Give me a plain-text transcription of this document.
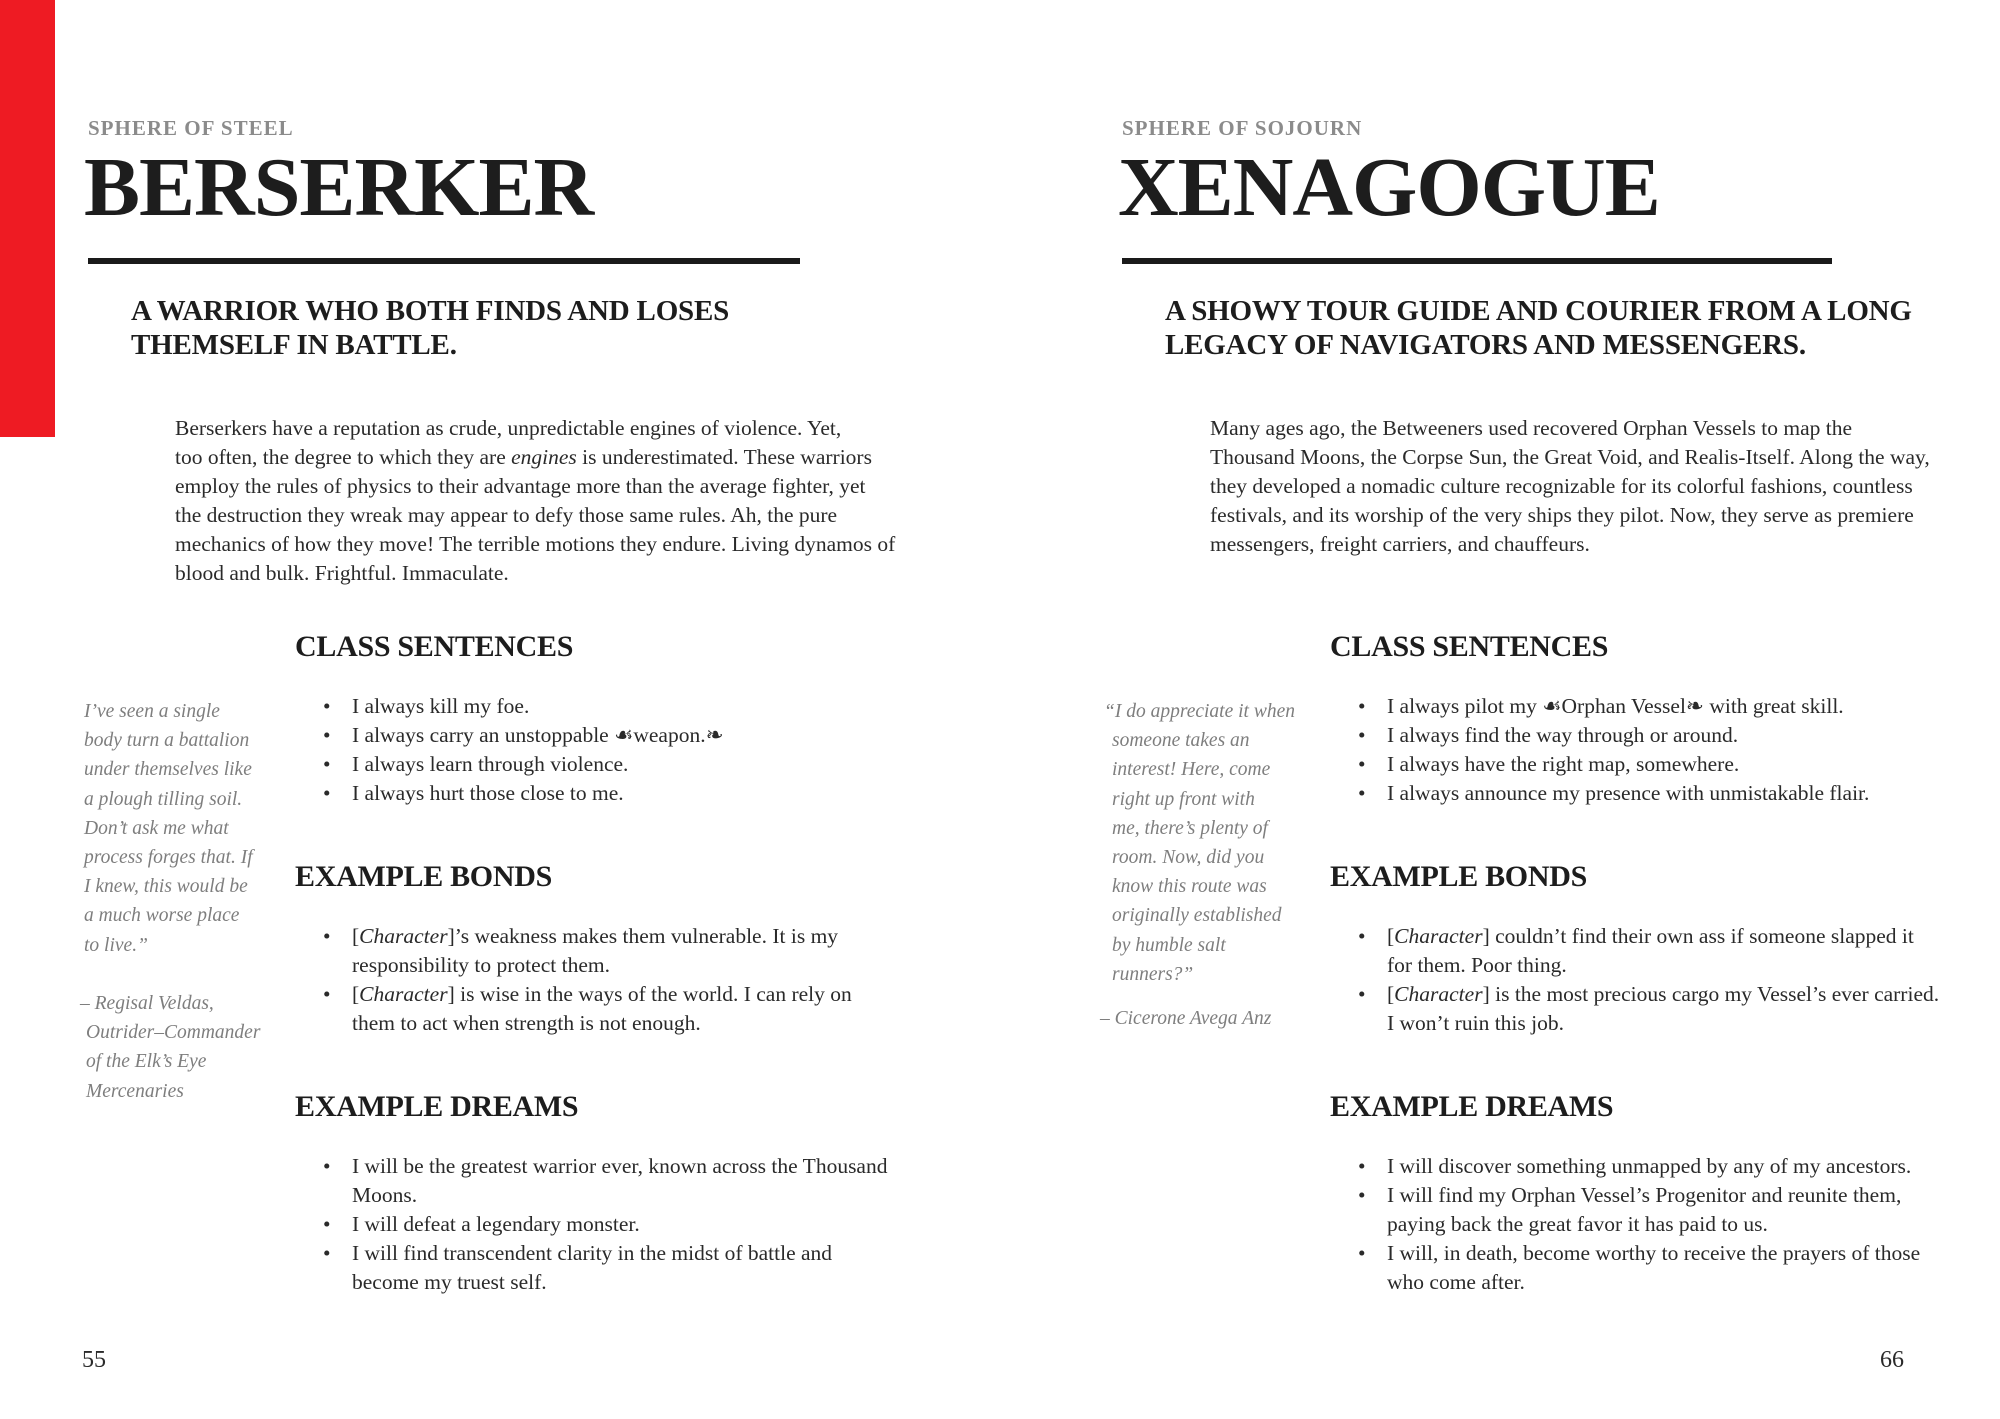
SPHERE OF STEEL
BERSERKER
A WARRIOR WHO BOTH FINDS AND LOSES
THEMSELF IN BATTLE.
Berserkers have a reputation as crude, unpredictable engines of violence. Yet,
too often, the degree to which they are engines is underestimated. These warriors
employ the rules of physics to their advantage more than the average fighter, yet
the destruction they wreak may appear to defy those same rules. Ah, the pure
mechanics of how they move! The terrible motions they endure. Living dynamos of
blood and bulk. Frightful. Immaculate.
I’ve seen a single
body turn a battalion
under themselves like
a plough tilling soil.
Don’t ask me what
process forges that. If
I knew, this would be
a much worse place
to live.”
– Regisal Veldas,
Outrider–Commander
of the Elk’s Eye
Mercenaries
CLASS SENTENCES
• I always kill my foe.
• I always carry an unstoppable ☙weapon.❧
• I always learn through violence.
• I always hurt those close to me.
EXAMPLE BONDS
• [Character]’s weakness makes them vulnerable. It is my
responsibility to protect them.
• [Character] is wise in the ways of the world. I can rely on
them to act when strength is not enough.
EXAMPLE DREAMS
• I will be the greatest warrior ever, known across the Thousand
Moons.
• I will defeat a legendary monster.
• I will find transcendent clarity in the midst of battle and
become my truest self.
55
SPHERE OF SOJOURN
XENAGOGUE
A SHOWY TOUR GUIDE AND COURIER FROM A LONG
LEGACY OF NAVIGATORS AND MESSENGERS.
Many ages ago, the Betweeners used recovered Orphan Vessels to map the
Thousand Moons, the Corpse Sun, the Great Void, and Realis-Itself. Along the way,
they developed a nomadic culture recognizable for its colorful fashions, countless
festivals, and its worship of the very ships they pilot. Now, they serve as premiere
messengers, freight carriers, and chauffeurs.
“I do appreciate it when
someone takes an
interest! Here, come
right up front with
me, there’s plenty of
room. Now, did you
know this route was
originally established
by humble salt
runners?”
– Cicerone Avega Anz
CLASS SENTENCES
• I always pilot my ☙Orphan Vessel❧ with great skill.
• I always find the way through or around.
• I always have the right map, somewhere.
• I always announce my presence with unmistakable flair.
EXAMPLE BONDS
• [Character] couldn’t find their own ass if someone slapped it
for them. Poor thing.
• [Character] is the most precious cargo my Vessel’s ever carried.
I won’t ruin this job.
EXAMPLE DREAMS
• I will discover something unmapped by any of my ancestors.
• I will find my Orphan Vessel’s Progenitor and reunite them,
paying back the great favor it has paid to us.
• I will, in death, become worthy to receive the prayers of those
who come after.
66
